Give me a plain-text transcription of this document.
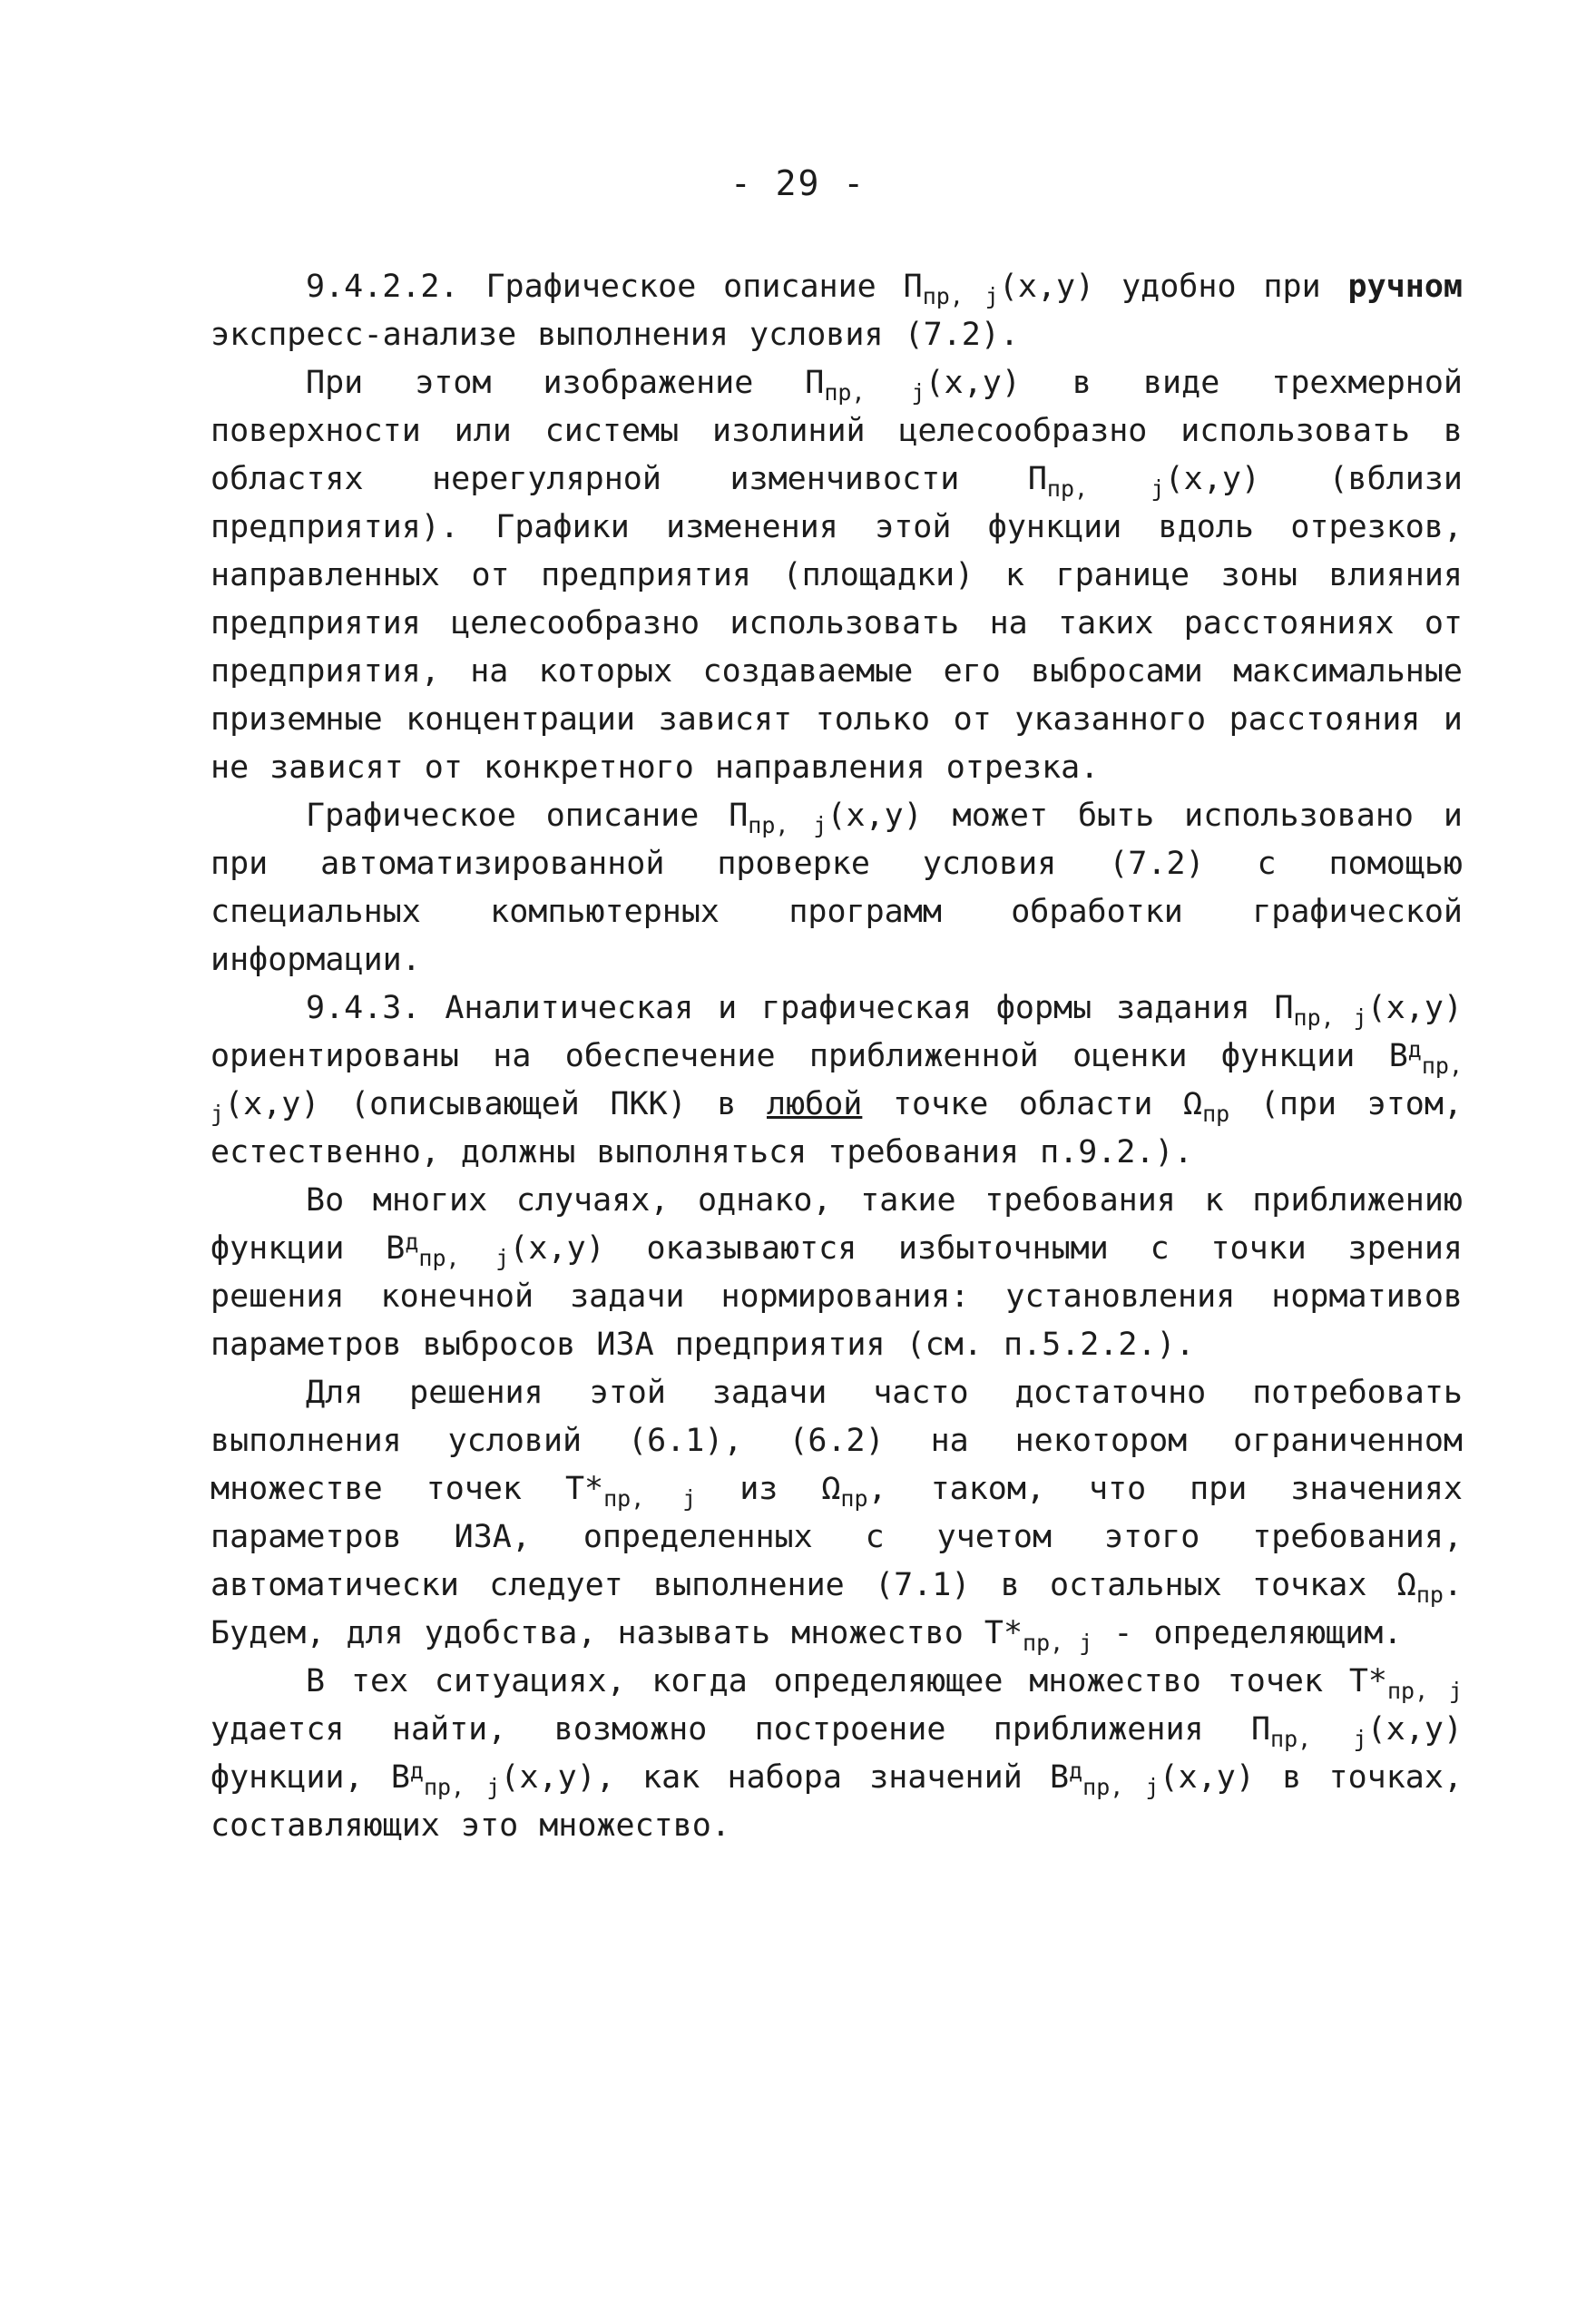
- 29 -

9.4.2.2. Графическое описание $П_{пр, j}(x,y)$ удобно при ручном экспресс-анализе выполнения условия (7.2).

При этом изображение $П_{пр, j}(x,y)$ в виде трехмерной поверхности или системы изолиний целесообразно использовать в областях нерегулярной изменчивости $П_{пр, j}(x,y)$ (вблизи предприятия). Графики изменения этой функции вдоль отрезков, направленных от предприятия (площадки) к границе зоны влияния предприятия целесообразно использовать на таких расстояниях от предприятия, на которых создаваемые его выбросами максимальные приземные концентрации зависят только от указанного расстояния и не зависят от конкретного направления отрезка.

Графическое описание $П_{пр, j}(x,y)$ может быть использовано и при автоматизированной проверке условия (7.2) с помощью специальных компьютерных программ обработки графической информации.

9.4.3. Аналитическая и графическая формы задания $П_{пр, j}(x,y)$ ориентированы на обеспечение приближенной оценки функции $В^д_{пр, j}(x,y)$ (описывающей ПКК) в любой точке области $\Omega_{пр}$ (при этом, естественно, должны выполняться требования п.9.2.).

Во многих случаях, однако, такие требования к приближению функции $В^д_{пр, j}(x,y)$ оказываются избыточными с точки зрения решения конечной задачи нормирования: установления нормативов параметров выбросов ИЗА предприятия (см. п.5.2.2.).

Для решения этой задачи часто достаточно потребовать выполнения условий (6.1), (6.2) на некотором ограниченном множестве точек $Т*_{пр, j}$ из $\Omega_{пр}$, таком, что при значениях параметров ИЗА, определенных с учетом этого требования, автоматически следует выполнение (7.1) в остальных точках $\Omega_{пр}$. Будем, для удобства, называть множество $Т*_{пр, j}$ - определяющим.

В тех ситуациях, когда определяющее множество точек $Т*_{пр, j}$ удается найти, возможно построение приближения $П_{пр, j}(x,y)$ функции, $В^д_{пр, j}(x,y)$, как набора значений $В^д_{пр, j}(x,y)$ в точках, составляющих это множество.
